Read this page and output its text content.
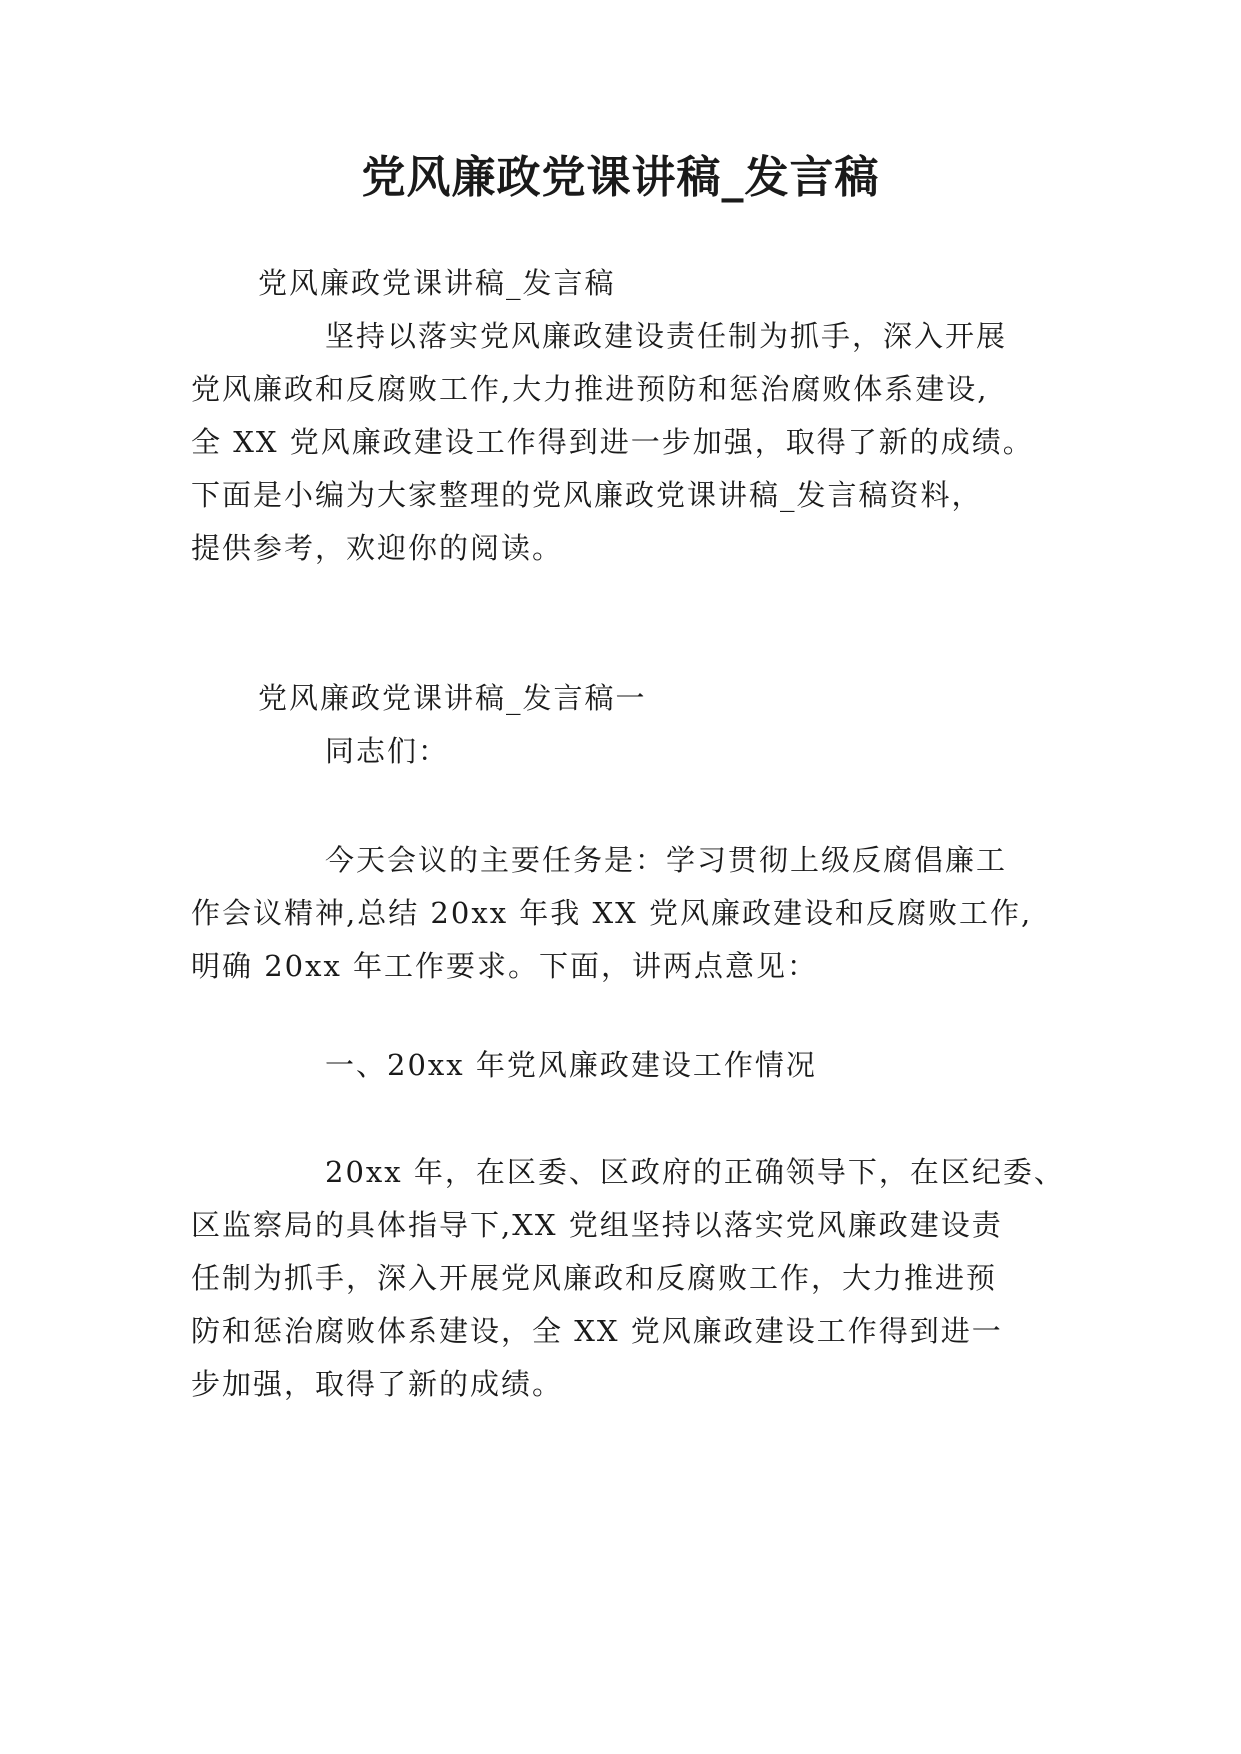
党风廉政党课讲稿_发言稿
党风廉政党课讲稿_发言稿
坚持以落实党风廉政建设责任制为抓手，深入开展
党风廉政和反腐败工作,大力推进预防和惩治腐败体系建设,
全 XX 党风廉政建设工作得到进一步加强，取得了新的成绩。
下面是小编为大家整理的党风廉政党课讲稿_发言稿资料，
提供参考，欢迎你的阅读。
党风廉政党课讲稿_发言稿一
同志们：
今天会议的主要任务是：学习贯彻上级反腐倡廉工
作会议精神,总结 20xx 年我 XX 党风廉政建设和反腐败工作,
明确 20xx 年工作要求。下面，讲两点意见：
一、20xx 年党风廉政建设工作情况
20xx 年，在区委、区政府的正确领导下，在区纪委、
区监察局的具体指导下,XX 党组坚持以落实党风廉政建设责
任制为抓手，深入开展党风廉政和反腐败工作，大力推进预
防和惩治腐败体系建设，全 XX 党风廉政建设工作得到进一
步加强，取得了新的成绩。
